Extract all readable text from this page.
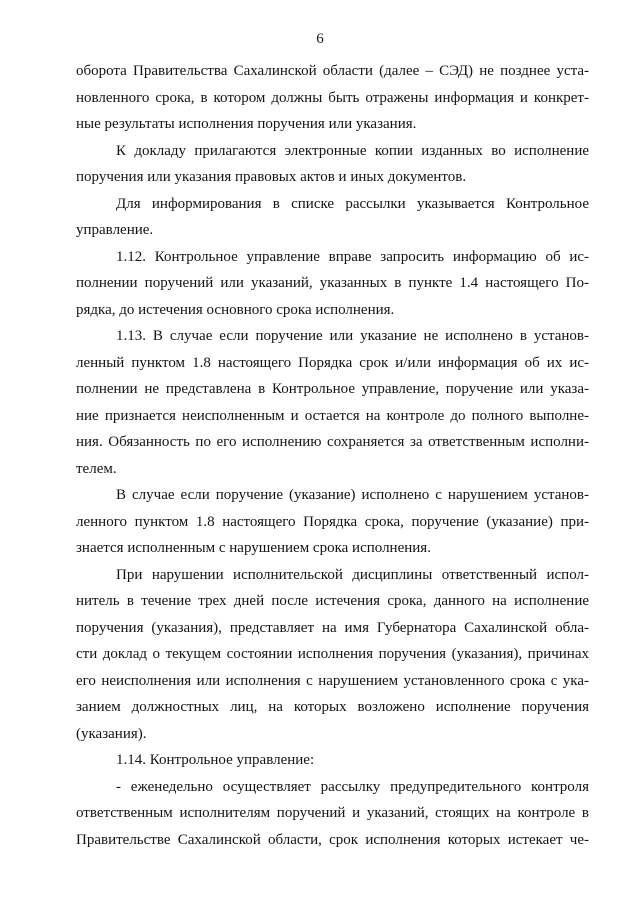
6
оборота Правительства Сахалинской области (далее – СЭД) не позднее уста-
новленного срока, в котором должны быть отражены информация и конкрет-
ные результаты исполнения поручения или указания.
К докладу прилагаются электронные копии изданных во исполнение
поручения или указания правовых актов и иных документов.
Для информирования в списке рассылки указывается Контрольное
управление.
1.12. Контрольное управление вправе запросить информацию об ис-
полнении поручений или указаний, указанных в пункте 1.4 настоящего По-
рядка, до истечения основного срока исполнения.
1.13. В случае если поручение или указание не исполнено в установ-
ленный пунктом 1.8 настоящего Порядка срок и/или информация об их ис-
полнении не представлена в Контрольное управление, поручение или указа-
ние признается неисполненным и остается на контроле до полного выполне-
ния. Обязанность по его исполнению сохраняется за ответственным исполни-
телем.
В случае если поручение (указание) исполнено с нарушением установ-
ленного пунктом 1.8 настоящего Порядка срока, поручение (указание) при-
знается исполненным с нарушением срока исполнения.
При нарушении исполнительской дисциплины ответственный испол-
нитель в течение трех дней после истечения срока, данного на исполнение
поручения (указания), представляет на имя Губернатора Сахалинской обла-
сти доклад о текущем состоянии исполнения поручения (указания), причинах
его неисполнения или исполнения с нарушением установленного срока с ука-
занием должностных лиц, на которых возложено исполнение поручения
(указания).
1.14. Контрольное управление:
- еженедельно осуществляет рассылку предупредительного контроля
ответственным исполнителям поручений и указаний, стоящих на контроле в
Правительстве Сахалинской области, срок исполнения которых истекает че-
